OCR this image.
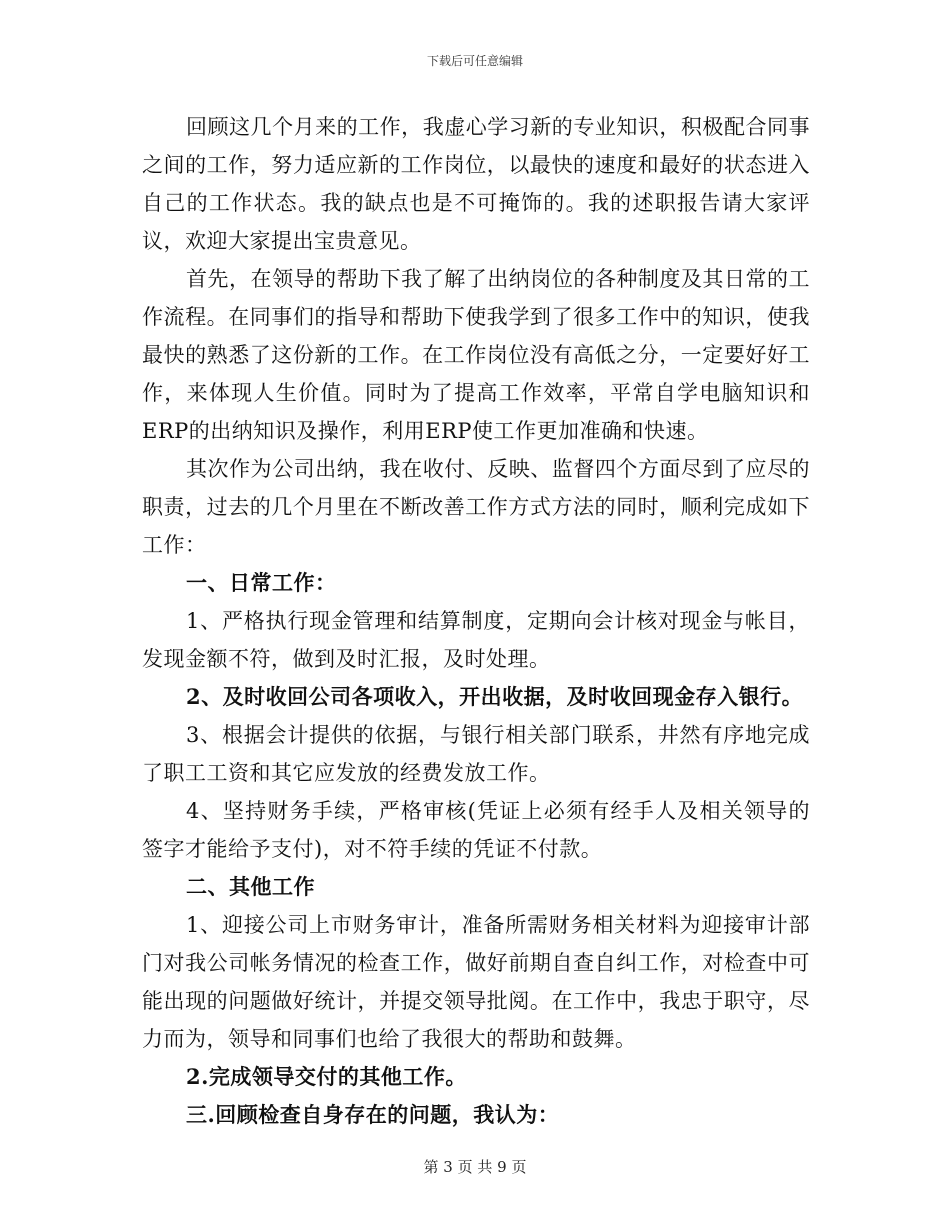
下载后可任意编辑

回顾这几个月来的工作，我虚心学习新的专业知识，积极配合同事之间的工作，努力适应新的工作岗位，以最快的速度和最好的状态进入自己的工作状态。我的缺点也是不可掩饰的。我的述职报告请大家评议，欢迎大家提出宝贵意见。

首先，在领导的帮助下我了解了出纳岗位的各种制度及其日常的工作流程。在同事们的指导和帮助下使我学到了很多工作中的知识，使我最快的熟悉了这份新的工作。在工作岗位没有高低之分，一定要好好工作，来体现人生价值。同时为了提高工作效率，平常自学电脑知识和ERP的出纳知识及操作，利用ERP使工作更加准确和快速。

其次作为公司出纳，我在收付、反映、监督四个方面尽到了应尽的职责，过去的几个月里在不断改善工作方式方法的同时，顺利完成如下工作：

一、日常工作：

1、严格执行现金管理和结算制度，定期向会计核对现金与帐目，发现金额不符，做到及时汇报，及时处理。

2、及时收回公司各项收入，开出收据，及时收回现金存入银行。

3、根据会计提供的依据，与银行相关部门联系，井然有序地完成了职工工资和其它应发放的经费发放工作。

4、坚持财务手续，严格审核(凭证上必须有经手人及相关领导的签字才能给予支付)，对不符手续的凭证不付款。

二、其他工作

1、迎接公司上市财务审计，准备所需财务相关材料为迎接审计部门对我公司帐务情况的检查工作，做好前期自查自纠工作，对检查中可能出现的问题做好统计，并提交领导批阅。在工作中，我忠于职守，尽力而为，领导和同事们也给了我很大的帮助和鼓舞。

2.完成领导交付的其他工作。

三.回顾检查自身存在的问题，我认为：

第 3 页 共 9 页
